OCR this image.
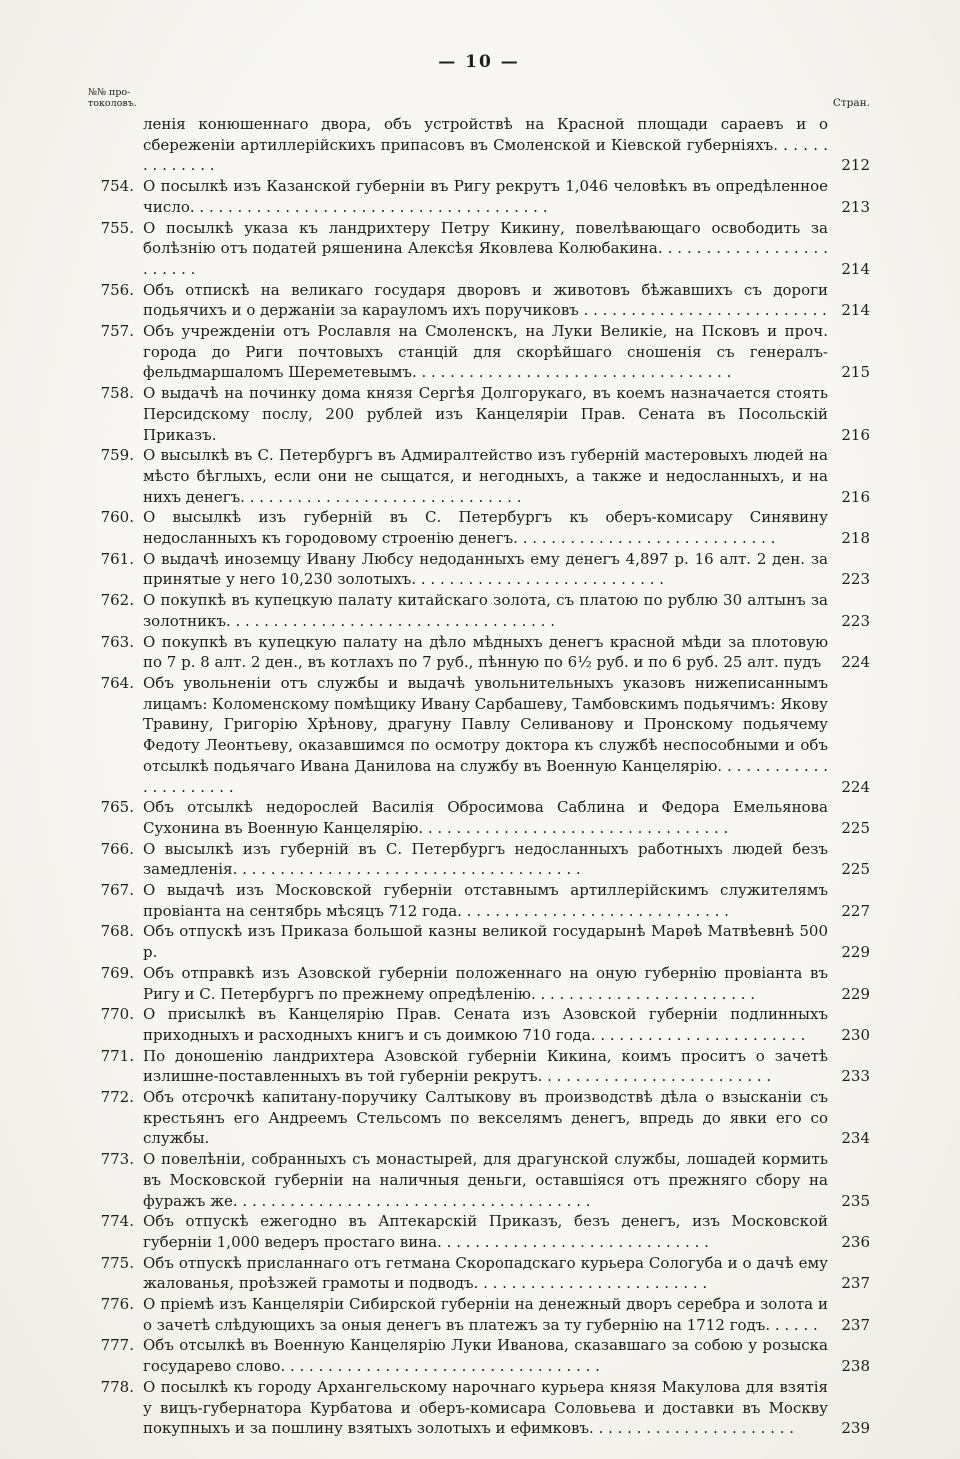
— 10 —
№№ про-
токоловъ.	Стран.
ленія конюшеннаго двора, объ устройствѣ на Красной площади сараевъ и о сбереженіи артиллерійскихъ припасовъ въ Смоленской и Кіевской губерніяхъ. . . . . . . . . . . . . .	212
754. О посылкѣ изъ Казанской губерніи въ Ригу рекрутъ 1,046 человѣкъ въ опредѣленное число. . . . . . . . . . . . . . . . . . . . . . . . . . . . . . . . . . . . . .	213
755. О посылкѣ указа къ ландрихтеру Петру Кикину, повелѣвающаго освободить за болѣзнію отъ податей ряшенина Алексѣя Яковлева Колюбакина. . . . . . . . . . . . . . . . . . . . . . . .	214
756. Объ отпискѣ на великаго государя дворовъ и животовъ бѣжавшихъ съ дороги подьячихъ и о держаніи за карауломъ ихъ поручиковъ . . . . . . . . . . . . . . . . . . . . . . . . . . 214
757. Объ учрежденіи отъ Рославля на Смоленскъ, на Луки Великіе, на Псковъ и проч. города до Риги почтовыхъ станцій для скорѣйшаго сношенія съ генералъ-фельдмаршаломъ Шереметевымъ. . . . . . . . . . . . . . . . . . . . . . . . . . . . . . . . . .	215
758. О выдачѣ на починку дома князя Сергѣя Долгорукаго, въ коемъ назначается стоять Персидскому послу, 200 рублей изъ Канцеляріи Прав. Сената въ Посольскій Приказъ.	216
759. О высылкѣ въ С. Петербургъ въ Адмиралтейство изъ губерній мастеровыхъ людей на мѣсто бѣглыхъ, если они не сыщатся, и негодныхъ, а также и недосланныхъ, и на нихъ денегъ. . . . . . . . . . . . . . . . . . . . . . . . . . . . . .	216
760. О высылкѣ изъ губерній въ С. Петербургъ къ оберъ-комисару Синявину недосланныхъ къ городовому строенію денегъ. . . . . . . . . . . . . . . . . . . . . . . . . . . .	218
761. О выдачѣ иноземцу Ивану Любсу недоданныхъ ему денегъ 4,897 р. 16 алт. 2 ден. за принятые у него 10,230 золотыхъ. . . . . . . . . . . . . . . . . . . . . . . . . . .	223
762. О покупкѣ въ купецкую палату китайскаго золота, съ платою по рублю 30 алтынъ за золотникъ. . . . . . . . . . . . . . . . . . . . . . . . . . . . . . . . . . .	223
763. О покупкѣ въ купецкую палату на дѣло мѣдныхъ денегъ красной мѣди за плотовую по 7 р. 8 алт. 2 ден., въ котлахъ по 7 руб., пѣнную по 6½ руб. и по 6 руб. 25 алт. пудъ	224
764. Объ увольненіи отъ службы и выдачѣ увольнительныхъ указовъ нижеписаннымъ лицамъ: Коломенскому помѣщику Ивану Сарбашеву, Тамбовскимъ подьячимъ: Якову Травину, Григорію Хрѣнову, драгуну Павлу Селиванову и Пронскому подьячему Федоту Леонтьеву, оказавшимся по осмотру доктора къ службѣ неспособными и объ отсылкѣ подьячаго Ивана Данилова на службу въ Военную Канцелярію. . . . . . . . . . . . . . . . . . . . . .	224
765. Объ отсылкѣ недорослей Василія Обросимова Саблина и Федора Емельянова Сухонина въ Военную Канцелярію. . . . . . . . . . . . . . . . . . . . . . . . . . . . . . . . .	225
766. О высылкѣ изъ губерній въ С. Петербургъ недосланныхъ работныхъ людей безъ замедленія. . . . . . . . . . . . . . . . . . . . . . . . . . . . . . . . . . . . .	225
767. О выдачѣ изъ Московской губерніи отставнымъ артиллерійскимъ служителямъ провіанта на сентябрь мѣсяцъ 712 года. . . . . . . . . . . . . . . . . . . . . . . . . . . . .	227
768. Объ отпускѣ изъ Приказа большой казны великой государынѣ Марѳѣ Матвѣевнѣ 500 р.	229
769. Объ отправкѣ изъ Азовской губерніи положеннаго на оную губернію провіанта въ Ригу и С. Петербургъ по прежнему опредѣленію. . . . . . . . . . . . . . . . . . . . . . . .	229
770. О присылкѣ въ Канцелярію Прав. Сената изъ Азовской губерніи подлинныхъ приходныхъ и расходныхъ книгъ и съ доимкою 710 года. . . . . . . . . . . . . . . . . . . . . . .	230
771. По доношенію ландрихтера Азовской губерніи Кикина, коимъ проситъ о зачетѣ излишне-поставленныхъ въ той губерніи рекрутъ. . . . . . . . . . . . . . . . . . . . . . . . .	233
772. Объ отсрочкѣ капитану-поручику Салтыкову въ производствѣ дѣла о взысканіи съ крестьянъ его Андреемъ Стельсомъ по векселямъ денегъ, впредь до явки его со службы.	234
773. О повелѣніи, собранныхъ съ монастырей, для драгунской службы, лошадей кормить въ Московской губерніи на наличныя деньги, оставшіяся отъ прежняго сбору на фуражъ же. . . . . . . . . . . . . . . . . . . . . . . . . . . . . . . . . . . . . .	235
774. Объ отпускѣ ежегодно въ Аптекарскій Приказъ, безъ денегъ, изъ Московской губерніи 1,000 ведеръ простаго вина. . . . . . . . . . . . . . . . . . . . . . . . . . . . .	236
775. Объ отпускѣ присланнаго отъ гетмана Скоропадскаго курьера Сологуба и о дачѣ ему жалованья, проѣзжей грамоты и подводъ. . . . . . . . . . . . . . . . . . . . . . . . .	237
776. О пріемѣ изъ Канцеляріи Сибирской губерніи на денежный дворъ серебра и золота и о зачетѣ слѣдующихъ за оныя денегъ въ платежъ за ту губернію на 1712 годъ. . . . . .	237
777. Объ отсылкѣ въ Военную Канцелярію Луки Иванова, сказавшаго за собою у розыска государево слово. . . . . . . . . . . . . . . . . . . . . . . . . . . . . . . . . .	238
778. О посылкѣ къ городу Архангельскому нарочнаго курьера князя Макулова для взятія у вицъ-губернатора Курбатова и оберъ-комисара Соловьева и доставки въ Москву покупныхъ и за пошлину взятыхъ золотыхъ и ефимковъ. . . . . . . . . . . . . . . . . . . . . .	239
